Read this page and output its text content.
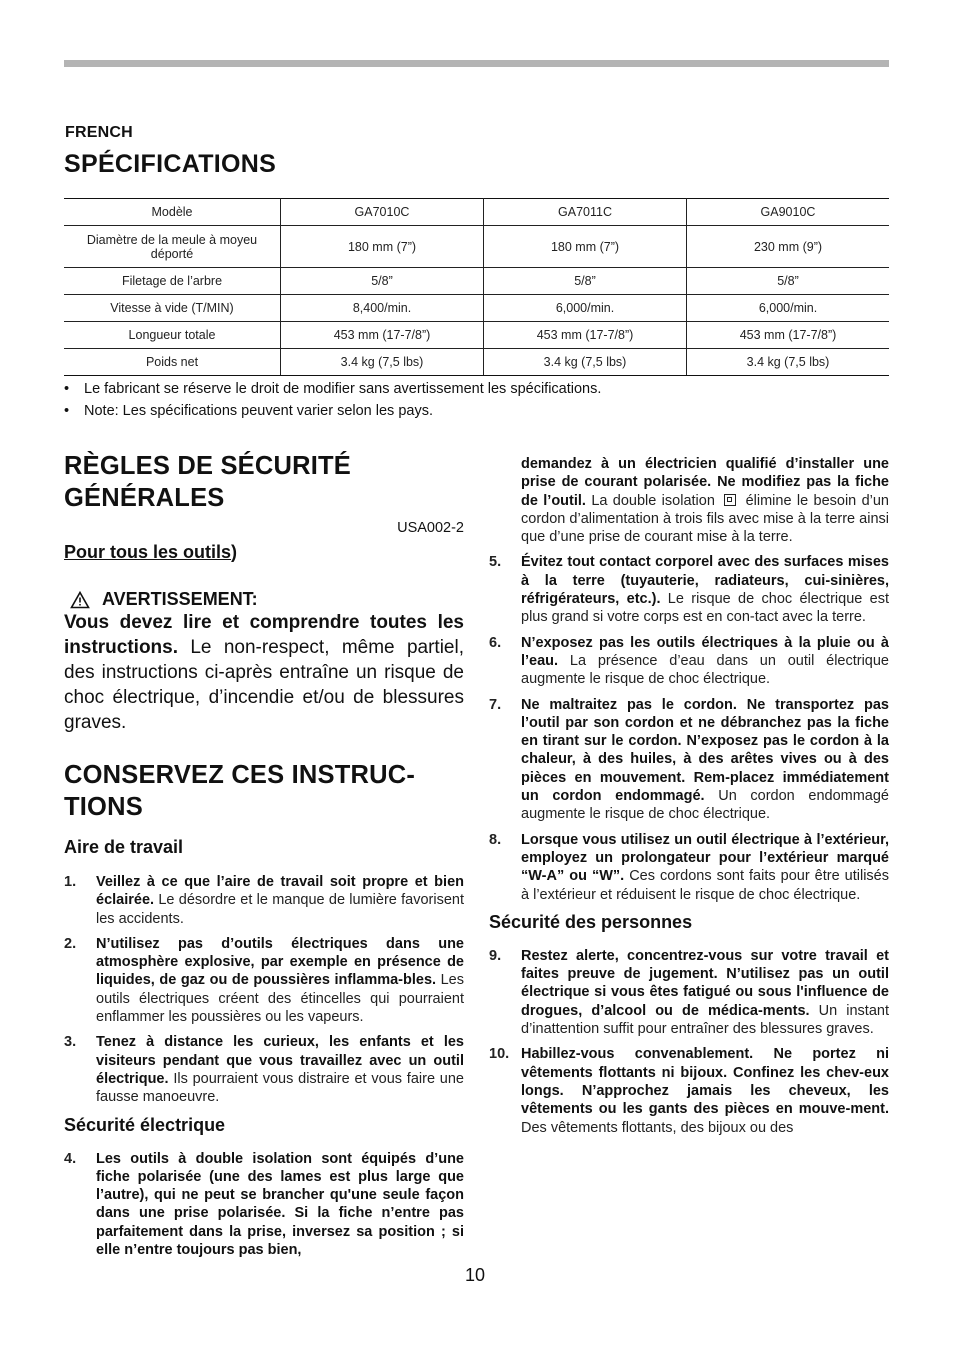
FRENCH
SPÉCIFICATIONS
Modèle	GA7010C	GA7011C	GA9010C
Diamètre de la meule à moyeu déporté	180 mm (7”)	180 mm (7”)	230 mm (9”)
Filetage de l’arbre	5/8”	5/8”	5/8”
Vitesse à vide (T/MIN)	8,400/min.	6,000/min.	6,000/min.
Longueur totale	453 mm (17-7/8”)	453 mm (17-7/8”)	453 mm (17-7/8”)
Poids net	3.4 kg (7,5 lbs)	3.4 kg (7,5 lbs)	3.4 kg (7,5 lbs)
• Le fabricant se réserve le droit de modifier sans avertissement les spécifications.
• Note: Les spécifications peuvent varier selon les pays.
RÈGLES DE SÉCURITÉ
GÉNÉRALES
USA002-2
Pour tous les outils)
AVERTISSEMENT:
Vous devez lire et comprendre toutes les instructions. Le non-respect, même partiel, des instructions ci-après entraîne un risque de choc électrique, d’incendie et/ou de blessures graves.
CONSERVEZ CES INSTRUC-
TIONS
Aire de travail
1. Veillez à ce que l’aire de travail soit propre et bien éclairée. Le désordre et le manque de lumière favorisent les accidents.
2. N’utilisez pas d’outils électriques dans une atmosphère explosive, par exemple en présence de liquides, de gaz ou de poussières inflamma-bles. Les outils électriques créent des étincelles qui pourraient enflammer les poussières ou les vapeurs.
3. Tenez à distance les curieux, les enfants et les visiteurs pendant que vous travaillez avec un outil électrique. Ils pourraient vous distraire et vous faire une fausse manoeuvre.
Sécurité électrique
4. Les outils à double isolation sont équipés d’une fiche polarisée (une des lames est plus large que l’autre), qui ne peut se brancher qu'une seule façon dans une prise polarisée. Si la fiche n’entre pas parfaitement dans la prise, inversez sa position ; si elle n’entre toujours pas bien,
demandez à un électricien qualifié d’installer une prise de courant polarisée. Ne modifiez pas la fiche de l’outil. La double isolation  élimine le besoin d’un cordon d’alimentation à trois fils avec mise à la terre ainsi que d’une prise de courant mise à la terre.
5. Évitez tout contact corporel avec des surfaces mises à la terre (tuyauterie, radiateurs, cui-sinières, réfrigérateurs, etc.). Le risque de choc électrique est plus grand si votre corps est en con-tact avec la terre.
6. N’exposez pas les outils électriques à la pluie ou à l’eau. La présence d’eau dans un outil électrique augmente le risque de choc électrique.
7. Ne maltraitez pas le cordon. Ne transportez pas l’outil par son cordon et ne débranchez pas la fiche en tirant sur le cordon. N’exposez pas le cordon à la chaleur, à des huiles, à des arêtes vives ou à des pièces en mouvement. Rem-placez immédiatement un cordon endommagé. Un cordon endommagé augmente le risque de choc électrique.
8. Lorsque vous utilisez un outil électrique à l’extérieur, employez un prolongateur pour l’extérieur marqué “W-A” ou “W”. Ces cordons sont faits pour être utilisés à l’extérieur et réduisent le risque de choc électrique.
Sécurité des personnes
9. Restez alerte, concentrez-vous sur votre travail et faites preuve de jugement. N’utilisez pas un outil électrique si vous êtes fatigué ou sous l'influence de drogues, d’alcool ou de médica-ments. Un instant d’inattention suffit pour entraîner des blessures graves.
10. Habillez-vous convenablement. Ne portez ni vêtements flottants ni bijoux. Confinez les chev-eux longs. N’approchez jamais les cheveux, les vêtements ou les gants des pièces en mouve-ment. Des vêtements flottants, des bijoux ou des
10
